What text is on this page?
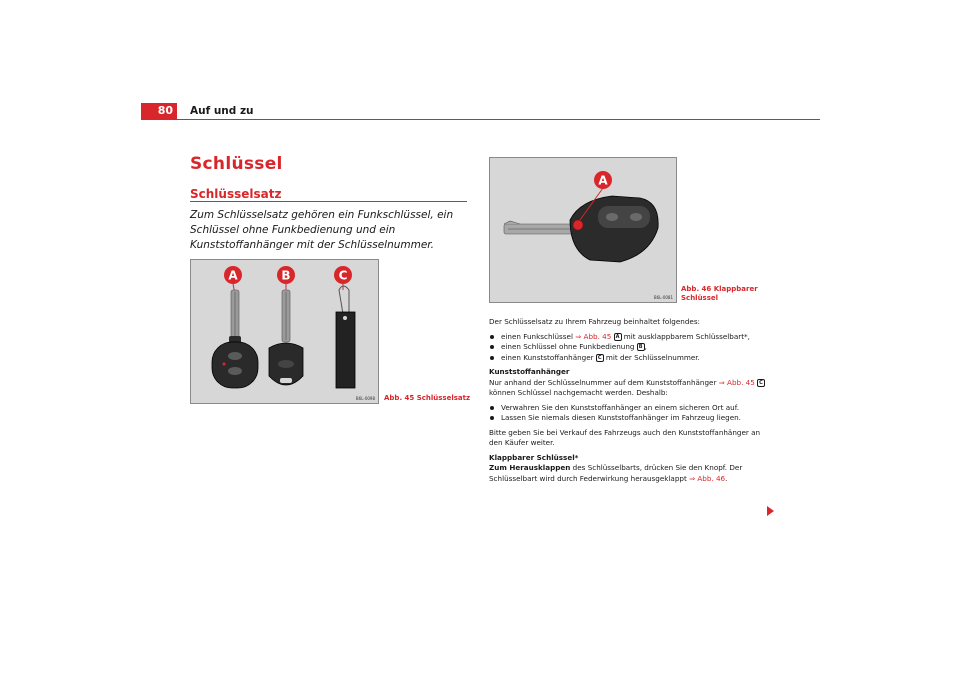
80	Auf und zu
Schlüssel
Schlüsselsatz
Zum Schlüsselsatz gehören ein Funkschlüssel, ein Schlüssel ohne Funkbedienung und ein Kunststoffanhänger mit der Schlüsselnummer.
A	B	C
B6L-0098 Abb. 45 Schlüsselsatz
A
B6L-0081
Abb. 46 Klappbarer
Schlüssel

Der Schlüsselsatz zu Ihrem Fahrzeug beinhaltet folgendes:

einen Funkschlüssel ⇒ Abb. 45 A mit ausklappbarem Schlüsselbart*,
einen Schlüssel ohne Funkbedienung B ,
einen Kunststoffanhänger C mit der Schlüsselnummer.

Kunststoffanhänger

Nur anhand der Schlüsselnummer auf dem Kunststoffanhänger ⇒ Abb. 45 C können Schlüssel nachgemacht werden. Deshalb:

Verwahren Sie den Kunststoffanhänger an einem sicheren Ort auf.
Lassen Sie niemals diesen Kunststoffanhänger im Fahrzeug liegen.

Bitte geben Sie bei Verkauf des Fahrzeugs auch den Kunststoffanhänger an den Käufer weiter.

Klappbarer Schlüssel*

Zum Herausklappen des Schlüsselbarts, drücken Sie den Knopf. Der Schlüsselbart wird durch Federwirkung herausgeklappt ⇒ Abb. 46.
